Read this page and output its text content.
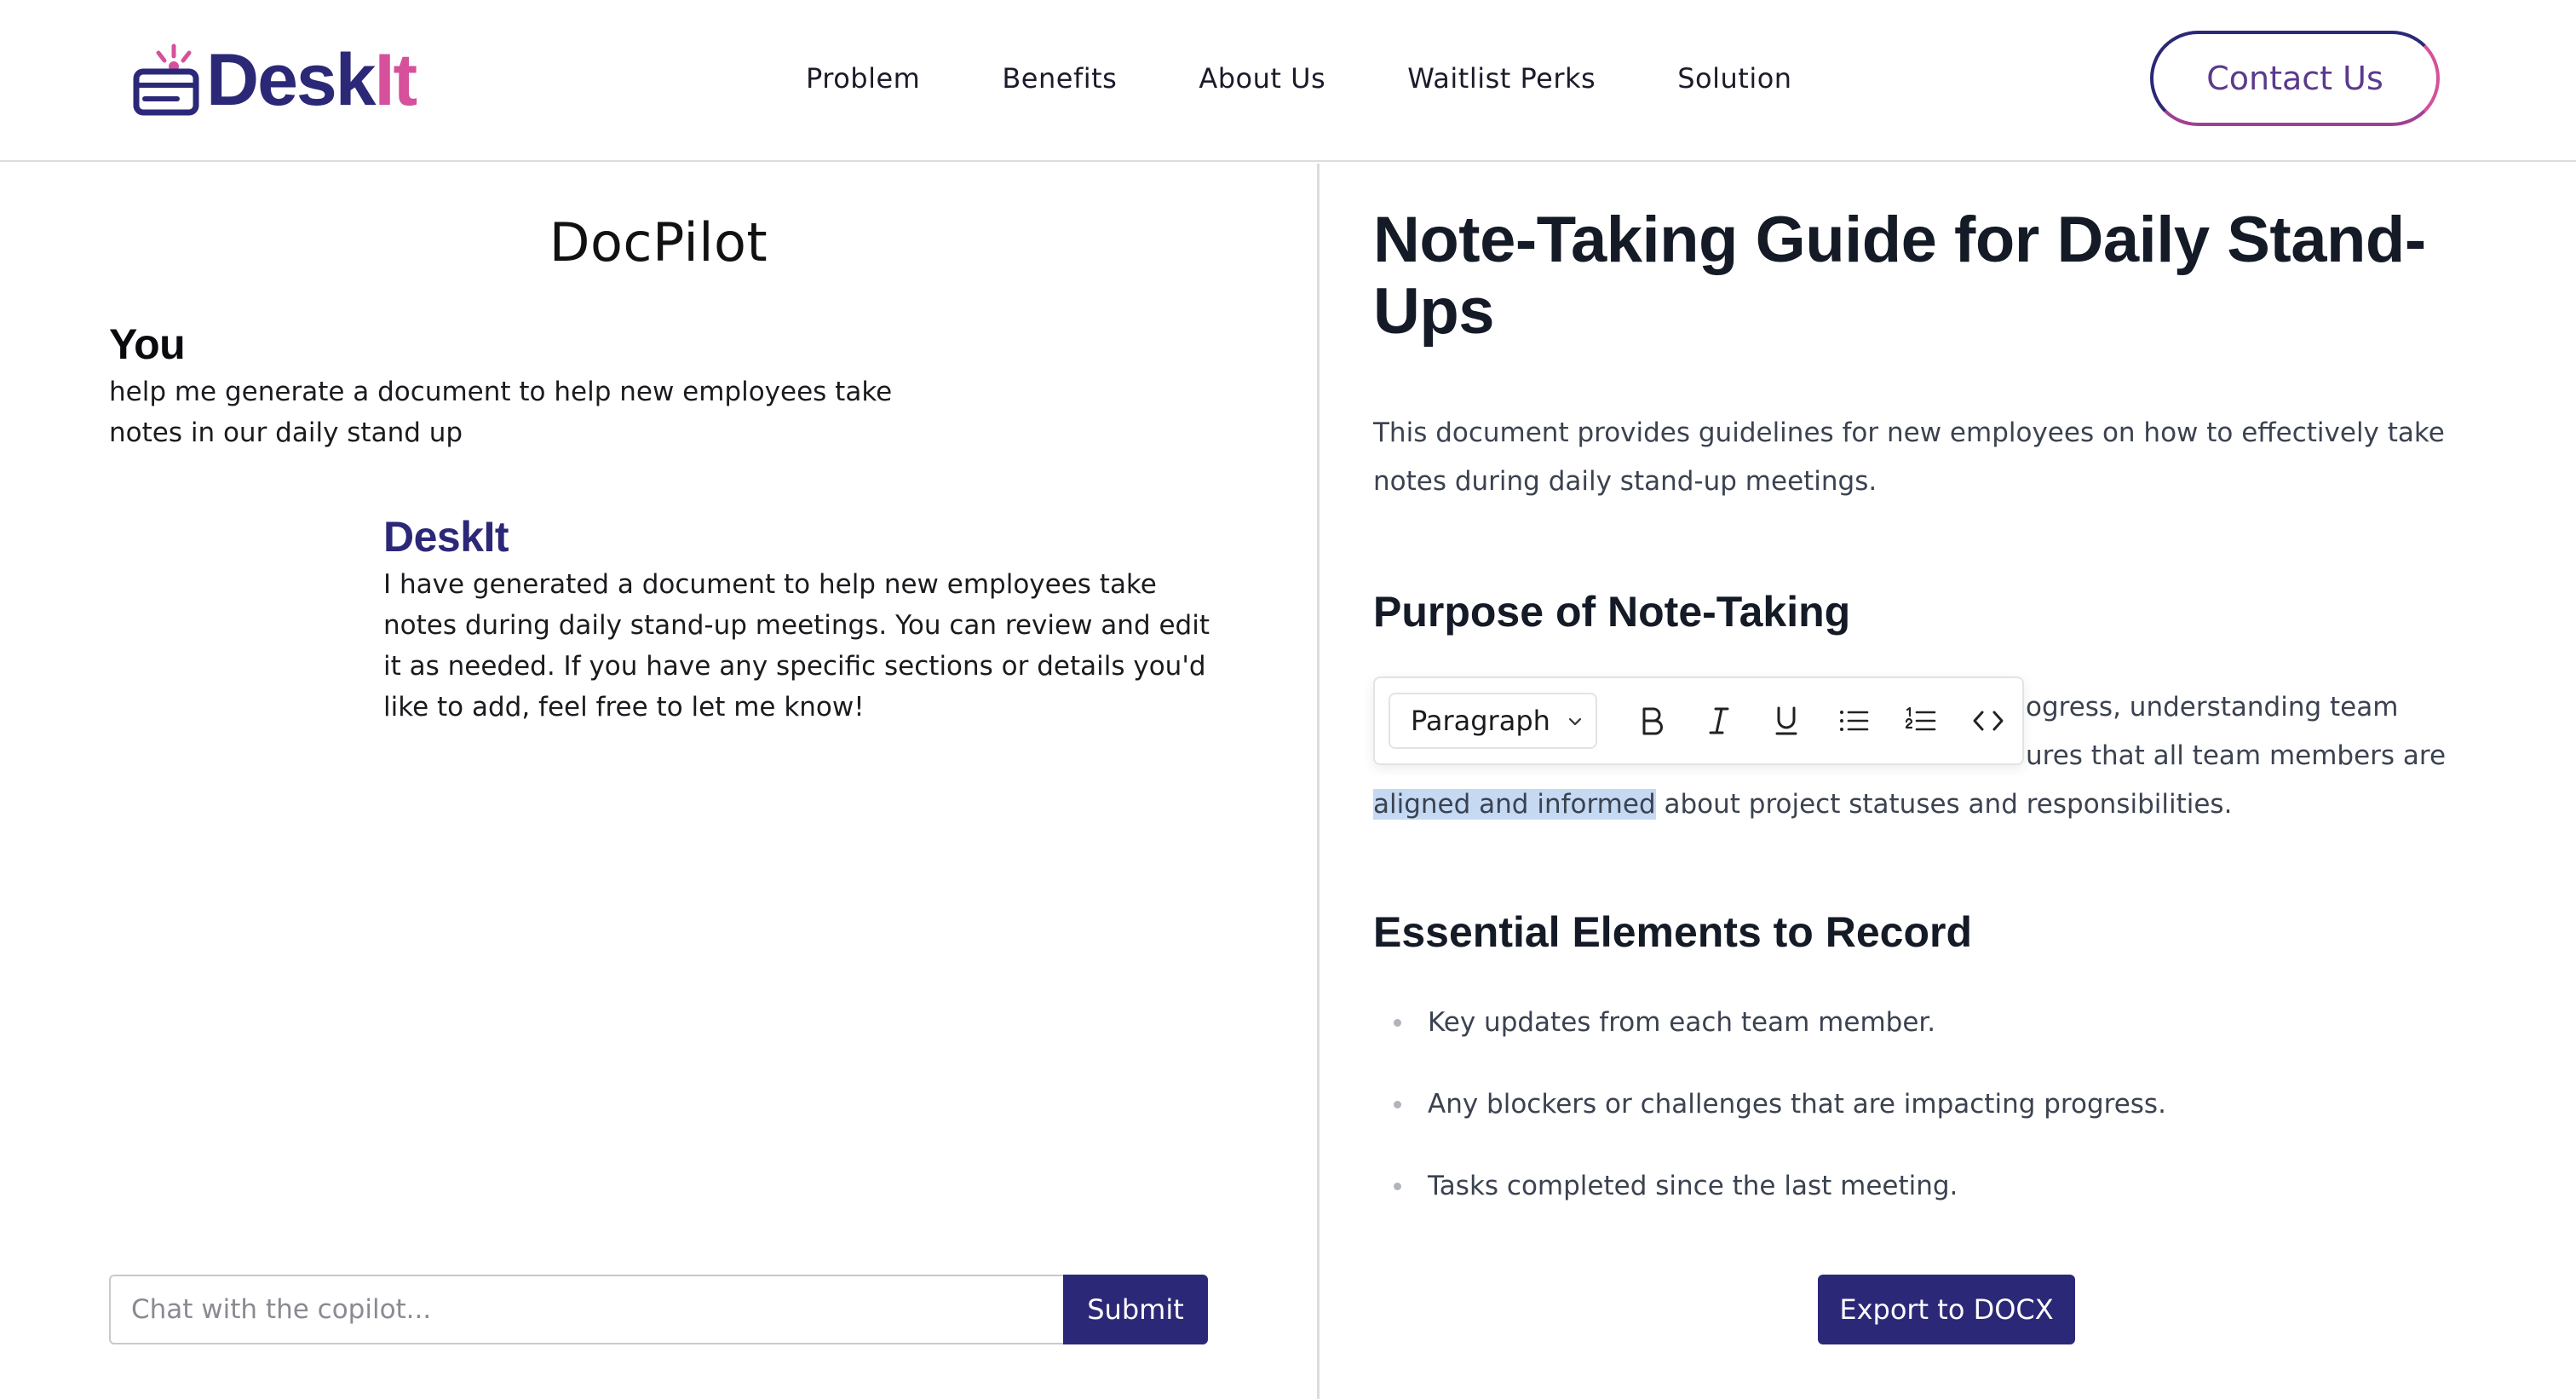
DeskIt	Problem	Benefits	About Us	Waitlist Perks	Solution	Contact Us
DocPilot
You
help me generate a document to help new employees take notes in our daily stand up
DeskIt
I have generated a document to help new employees take notes during daily stand-up meetings. You can review and edit it as needed. If you have any specific sections or details you'd like to add, feel free to let me know!
Chat with the copilot...
Submit
Note-Taking Guide for Daily Stand-Ups

This document provides guidelines for new employees on how to effectively take notes during daily stand-up meetings.

Purpose of Note-Taking
ogress, understanding team
ures that all team members are
aligned and informed about project statuses and responsibilities.
Essential Elements to Record
Key updates from each team member.
Any blockers or challenges that are impacting progress.
Tasks completed since the last meeting.
Paragraph
Export to DOCX
